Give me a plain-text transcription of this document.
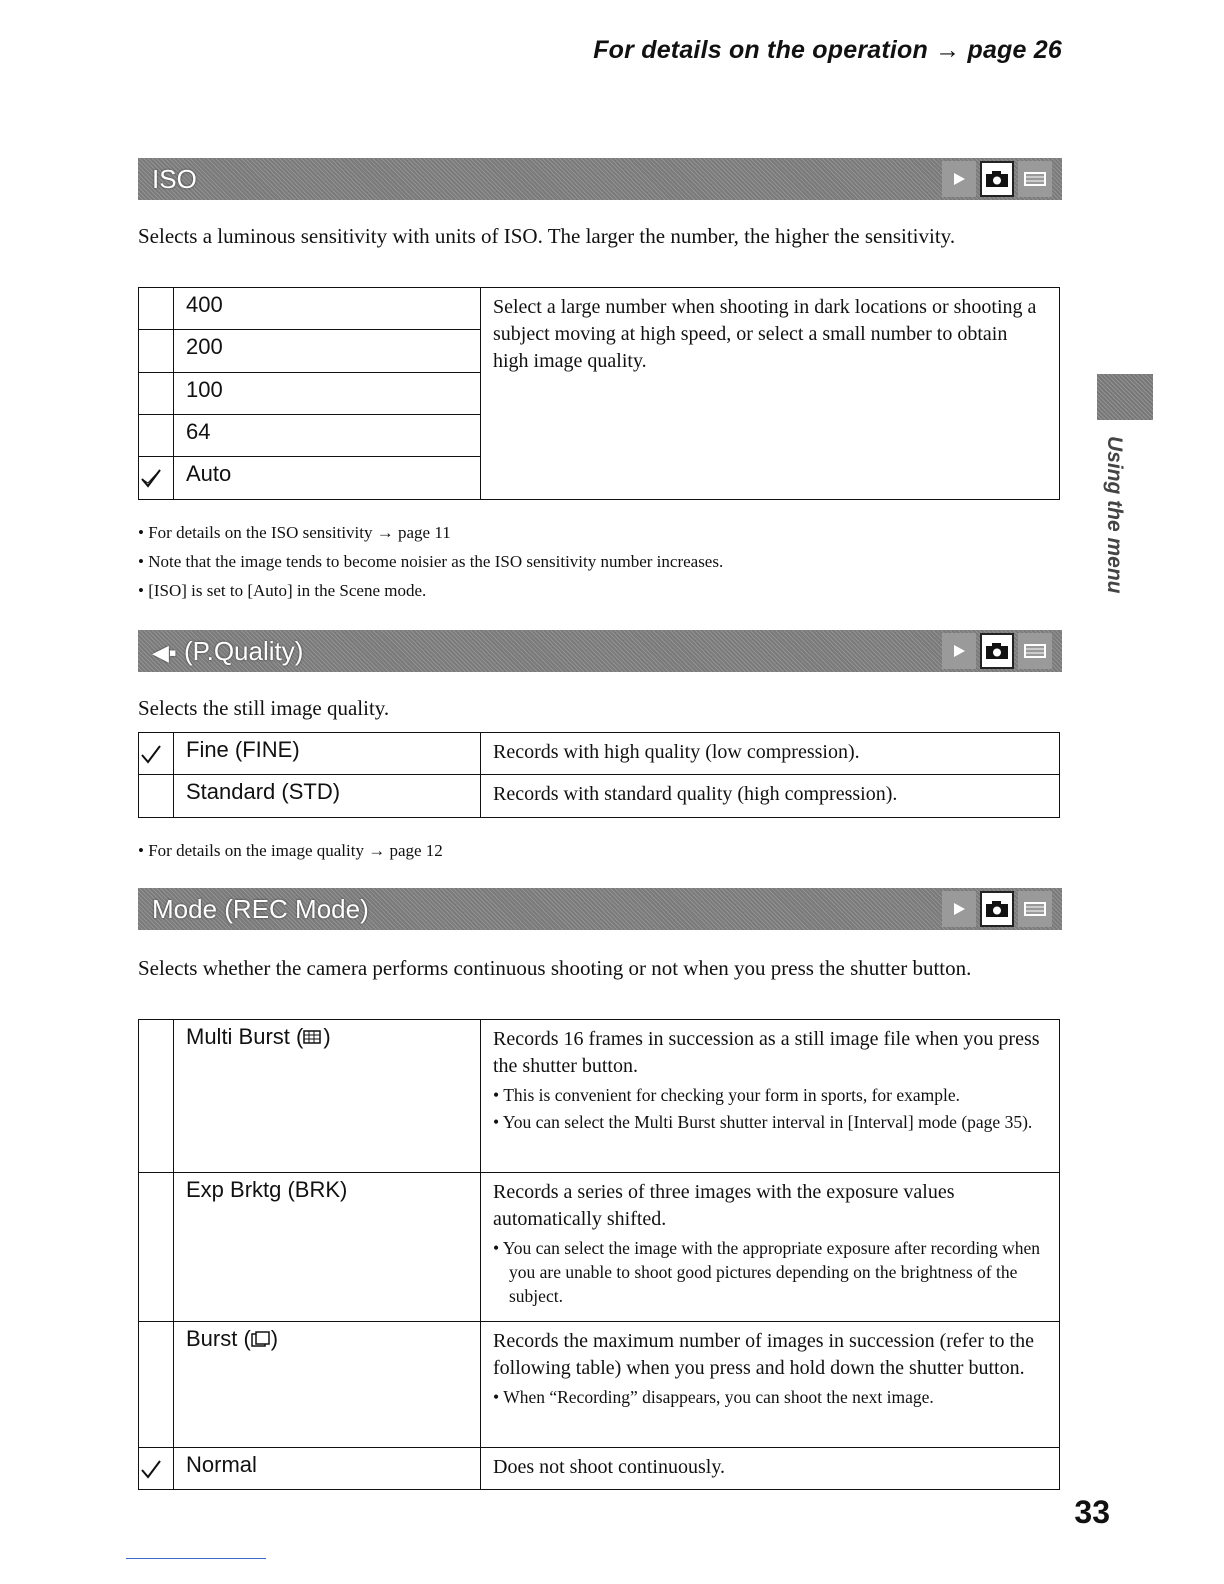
For details on the operation → page 26
Using the menu
ISO
Selects a luminous sensitivity with units of ISO. The larger the number, the higher the sensitivity.
	400	Select a large number when shooting in dark locations or shooting a subject moving at high speed, or select a small number to obtain high image quality.
	200	
	100	
	64	

	Auto	
• For details on the ISO sensitivity → page 11
• Note that the image tends to become noisier as the ISO sensitivity number increases.
• [ISO] is set to [Auto] in the Scene mode.
◀▪ (P.Quality)
Selects the still image quality.
	Fine (FINE)	Records with high quality (low compression).
	Standard (STD)	Records with standard quality (high compression).
• For details on the image quality → page 12
Mode (REC Mode)
Selects whether the camera performs continuous shooting or not when you press the shutter button.
	Multi Burst ( )	Records 16 frames in succession as a still image file when you press the shutter button.
• This is convenient for checking your form in sports, for example.
• You can select the Multi Burst shutter interval in [Interval] mode (page 35).

	Exp Brktg (BRK)	Records a series of three images with the exposure values automatically shifted.
• You can select the image with the appropriate exposure after recording when you are unable to shoot good pictures depending on the brightness of the subject.

	Burst ( )	Records the maximum number of images in succession (refer to the following table) when you press and hold down the shutter button.
• When “Recording” disappears, you can shoot the next image.

	Normal	Does not shoot continuously.
33
